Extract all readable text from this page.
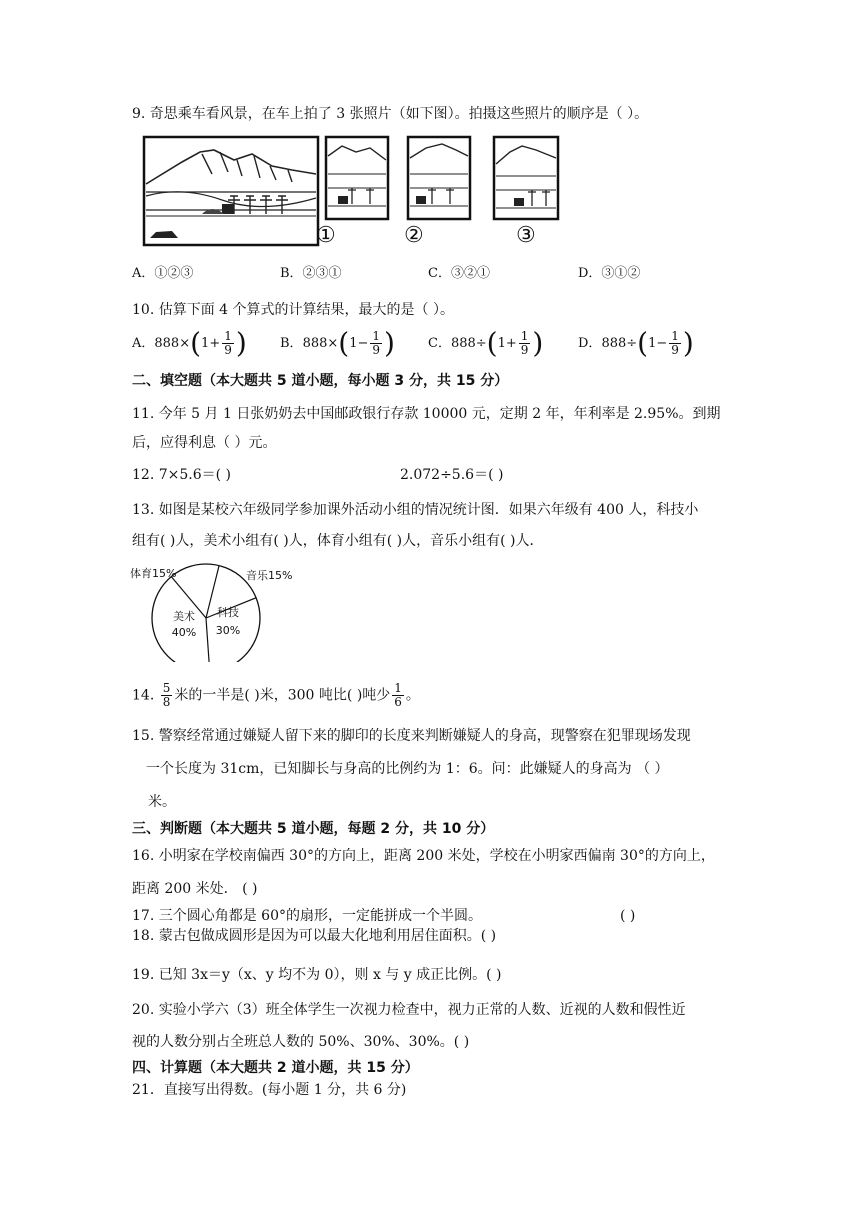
9. 奇思乘车看风景，在车上拍了 3 张照片（如下图）。拍摄这些照片的顺序是（ ）。
①	②	③
A．①②③	B．②③①	C．③②①	D．③①②
10. 估算下面 4 个算式的计算结果，最大的是（ ）。
A．$888\times(1+ \frac{1}{9}$ )	B．$888\times(1- \frac{1}{9}$ )	C．$888\div(1+ \frac{1}{9}$ )	D．$888\div(1- \frac{1}{9}$ )
二、填空题（本大题共 5 道小题，每小题 3 分，共 15 分）
11. 今年 5 月 1 日张奶奶去中国邮政银行存款 10000 元，定期 2 年，年利率是 2.95%。到期
后，应得利息（ ）元。
12. 7×5.6＝( )	2.072÷5.6＝( )
13. 如图是某校六年级同学参加课外活动小组的情况统计图．如果六年级有 400 人，科技小
组有( )人，美术小组有( )人，体育小组有( )人，音乐小组有( )人．
体育15%	音乐15%
科技
30%
美术
40%
14. $\frac{5}{8}$ 米的一半是( )米，300 吨比( )吨少 $\frac{1}{6}$ 。
15. 警察经常通过嫌疑人留下来的脚印的长度来判断嫌疑人的身高，现警察在犯罪现场发现
一个长度为 31cm，已知脚长与身高的比例约为 1：6。问：此嫌疑人的身高为 （ ）
米。
三、判断题（本大题共 5 道小题，每题 2 分，共 10 分）
16. 小明家在学校南偏西 30°的方向上，距离 200 米处，学校在小明家西偏南 30°的方向上，
距离 200 米处． ( )
17. 三个圆心角都是 60°的扇形，一定能拼成一个半圆。	( )
18. 蒙古包做成圆形是因为可以最大化地利用居住面积。( )
19. 已知 3x＝y（x、y 均不为 0），则 x 与 y 成正比例。( )
20. 实验小学六（3）班全体学生一次视力检查中，视力正常的人数、近视的人数和假性近
视的人数分别占全班总人数的 50%、30%、30%。( )
四、计算题（本大题共 2 道小题，共 15 分）
21．直接写出得数。(每小题 1 分，共 6 分)
